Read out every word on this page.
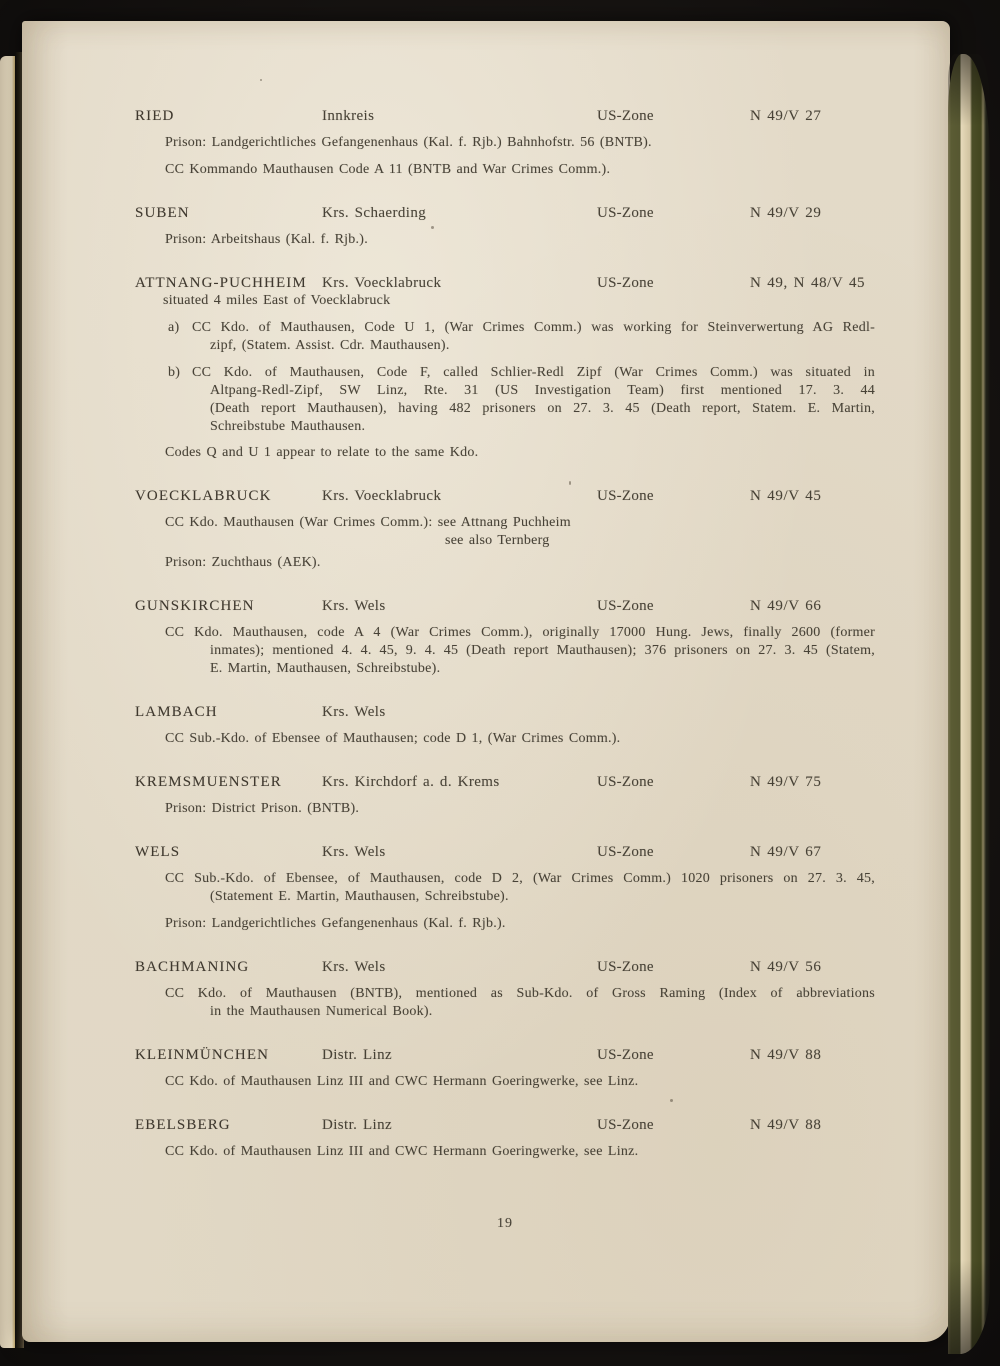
RIED	Innkreis	US-Zone	N 49/V 27
Prison: Landgerichtliches Gefangenenhaus (Kal. f. Rjb.) Bahnhofstr. 56 (BNTB).
CC Kommando Mauthausen Code A 11 (BNTB and War Crimes Comm.).
SUBEN	Krs. Schaerding	US-Zone	N 49/V 29
Prison: Arbeitshaus (Kal. f. Rjb.).
ATTNANG-PUCHHEIM Krs. Voecklabruck	US-Zone	N 49, N 48/V 45
situated 4 miles East of Voecklabruck
a) CC Kdo. of Mauthausen, Code U 1, (War Crimes Comm.) was working for Steinverwertung AG Redl-
zipf, (Statem. Assist. Cdr. Mauthausen).
b) CC Kdo. of Mauthausen, Code F, called Schlier-Redl Zipf (War Crimes Comm.) was situated in
Altpang-Redl-Zipf, SW Linz, Rte. 31 (US Investigation Team) first mentioned 17. 3. 44
(Death report Mauthausen), having 482 prisoners on 27. 3. 45 (Death report, Statem. E. Martin,
Schreibstube Mauthausen.
Codes Q and U 1 appear to relate to the same Kdo.
VOECKLABRUCK	Krs. Voecklabruck	US-Zone	N 49/V 45
CC Kdo. Mauthausen (War Crimes Comm.): see Attnang Puchheim
see also Ternberg
Prison: Zuchthaus (AEK).
GUNSKIRCHEN	Krs. Wels	US-Zone	N 49/V 66
CC Kdo. Mauthausen, code A 4 (War Crimes Comm.), originally 17000 Hung. Jews, finally 2600 (former
inmates); mentioned 4. 4. 45, 9. 4. 45 (Death report Mauthausen); 376 prisoners on 27. 3. 45 (Statem,
E. Martin, Mauthausen, Schreibstube).
LAMBACH	Krs. Wels
CC Sub.-Kdo. of Ebensee of Mauthausen; code D 1, (War Crimes Comm.).
KREMSMUENSTER	Krs. Kirchdorf a. d. Krems	US-Zone	N 49/V 75
Prison: District Prison. (BNTB).
WELS	Krs. Wels	US-Zone	N 49/V 67
CC Sub.-Kdo. of Ebensee, of Mauthausen, code D 2, (War Crimes Comm.) 1020 prisoners on 27. 3. 45,
(Statement E. Martin, Mauthausen, Schreibstube).
Prison: Landgerichtliches Gefangenenhaus (Kal. f. Rjb.).
BACHMANING	Krs. Wels	US-Zone	N 49/V 56
CC Kdo. of Mauthausen (BNTB), mentioned as Sub-Kdo. of Gross Raming (Index of abbreviations
in the Mauthausen Numerical Book).
KLEINMÜNCHEN	Distr. Linz	US-Zone	N 49/V 88
CC Kdo. of Mauthausen Linz III and CWC Hermann Goeringwerke, see Linz.
EBELSBERG	Distr. Linz	US-Zone	N 49/V 88
CC Kdo. of Mauthausen Linz III and CWC Hermann Goeringwerke, see Linz.
19
